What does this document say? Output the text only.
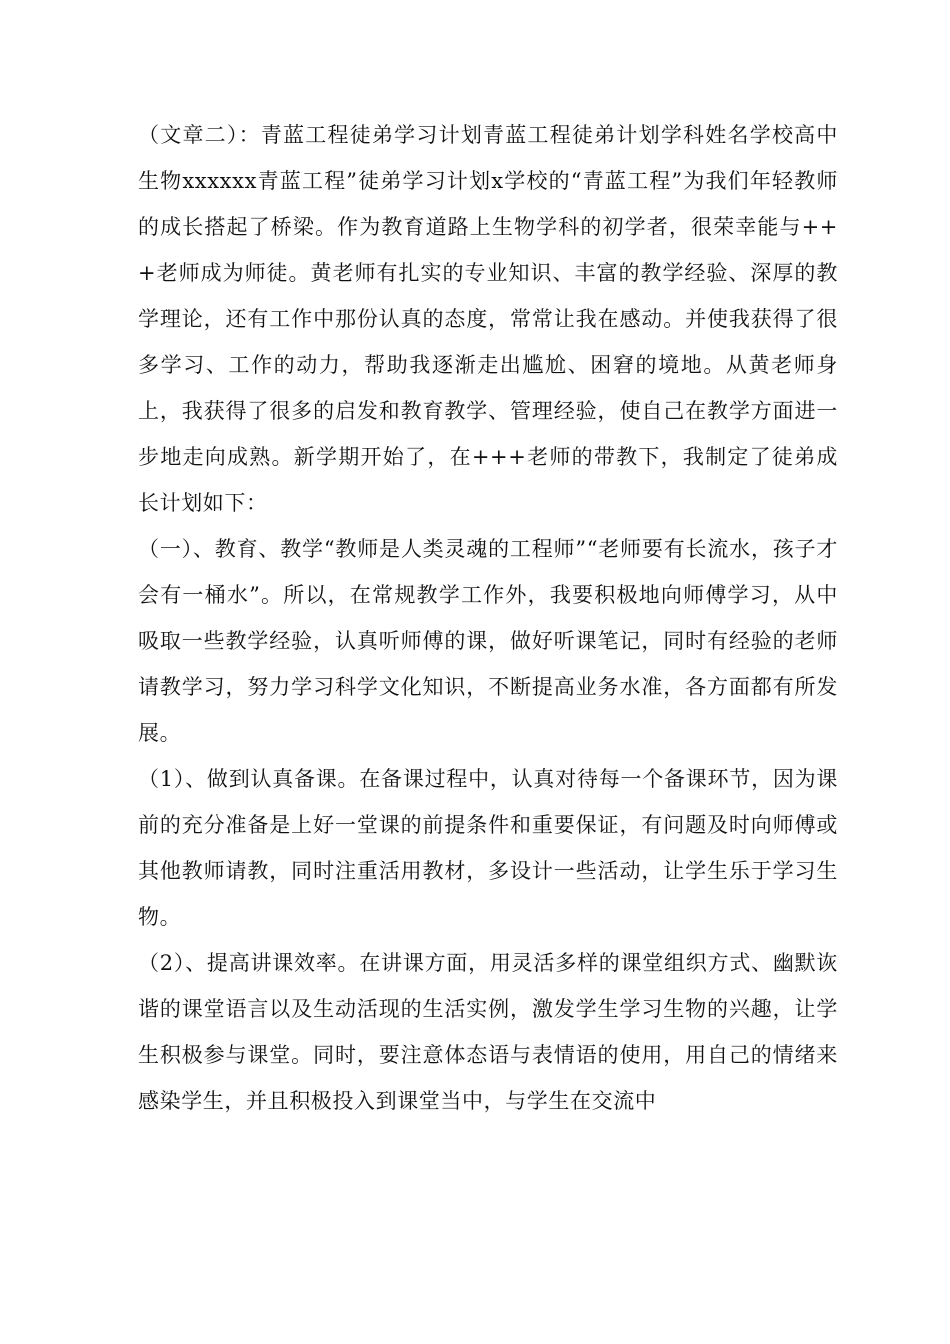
（文章二）：青蓝工程徒弟学习计划青蓝工程徒弟计划学科姓名学校高中生物xxxxxx青蓝工程”徒弟学习计划x学校的“青蓝工程”为我们年轻教师的成长搭起了桥梁。作为教育道路上生物学科的初学者，很荣幸能与+++老师成为师徒。黄老师有扎实的专业知识、丰富的教学经验、深厚的教学理论，还有工作中那份认真的态度，常常让我在感动。并使我获得了很多学习、工作的动力，帮助我逐渐走出尴尬、困窘的境地。从黄老师身上，我获得了很多的启发和教育教学、管理经验，使自己在教学方面进一步地走向成熟。新学期开始了，在+++老师的带教下，我制定了徒弟成长计划如下：

（一）、教育、教学“教师是人类灵魂的工程师”“老师要有长流水，孩子才会有一桶水”。所以，在常规教学工作外，我要积极地向师傅学习，从中吸取一些教学经验，认真听师傅的课，做好听课笔记，同时有经验的老师请教学习，努力学习科学文化知识，不断提高业务水准，各方面都有所发展。

（1）、做到认真备课。在备课过程中，认真对待每一个备课环节，因为课前的充分准备是上好一堂课的前提条件和重要保证，有问题及时向师傅或其他教师请教，同时注重活用教材，多设计一些活动，让学生乐于学习生物。

（2）、提高讲课效率。在讲课方面，用灵活多样的课堂组织方式、幽默诙谐的课堂语言以及生动活现的生活实例，激发学生学习生物的兴趣，让学生积极参与课堂。同时，要注意体态语与表情语的使用，用自己的情绪来感染学生，并且积极投入到课堂当中，与学生在交流中
